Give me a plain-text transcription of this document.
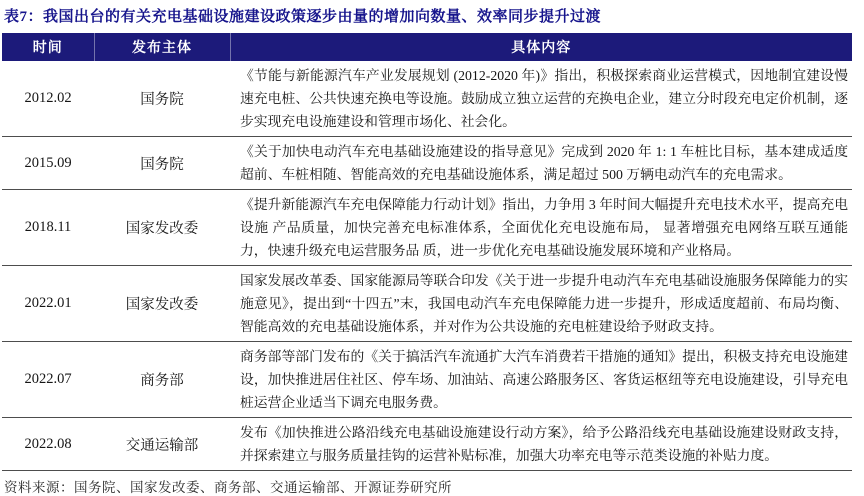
表7：我国出台的有关充电基础设施建设政策逐步由量的增加向数量、效率同步提升过渡
时间	发布主体	具体内容
2012.02	国务院	《节能与新能源汽车产业发展规划 (2012-2020 年)》指出，积极探索商业运营模式，因地制宜建设慢速充电桩、公共快速充换电等设施。鼓励成立独立运营的充换电企业，建立分时段充电定价机制，逐步实现充电设施建设和管理市场化、社会化。
2015.09	国务院	《关于加快电动汽车充电基础设施建设的指导意见》完成到 2020 年 1: 1 车桩比目标，基本建成适度超前、车桩相随、智能高效的充电基础设施体系，满足超过 500 万辆电动汽车的充电需求。
2018.11	国家发改委	《提升新能源汽车充电保障能力行动计划》指出，力争用 3 年时间大幅提升充电技术水平，提高充电设施 产品质量，加快完善充电标准体系，全面优化充电设施布局， 显著增强充电网络互联互通能力，快速升级充电运营服务品 质，进一步优化充电基础设施发展环境和产业格局。
2022.01	国家发改委	国家发展改革委、国家能源局等联合印发《关于进一步提升电动汽车充电基础设施服务保障能力的实施意见》，提出到“十四五”末，我国电动汽车充电保障能力进一步提升，形成适度超前、布局均衡、智能高效的充电基础设施体系，并对作为公共设施的充电桩建设给予财政支持。
2022.07	商务部	商务部等部门发布的《关于搞活汽车流通扩大汽车消费若干措施的通知》提出，积极支持充电设施建设，加快推进居住社区、停车场、加油站、高速公路服务区、客货运枢纽等充电设施建设，引导充电桩运营企业适当下调充电服务费。
2022.08	交通运输部	发布《加快推进公路沿线充电基础设施建设行动方案》，给予公路沿线充电基础设施建设财政支持，并探索建立与服务质量挂钩的运营补贴标准，加强大功率充电等示范类设施的补贴力度。
资料来源：国务院、国家发改委、商务部、交通运输部、开源证券研究所
